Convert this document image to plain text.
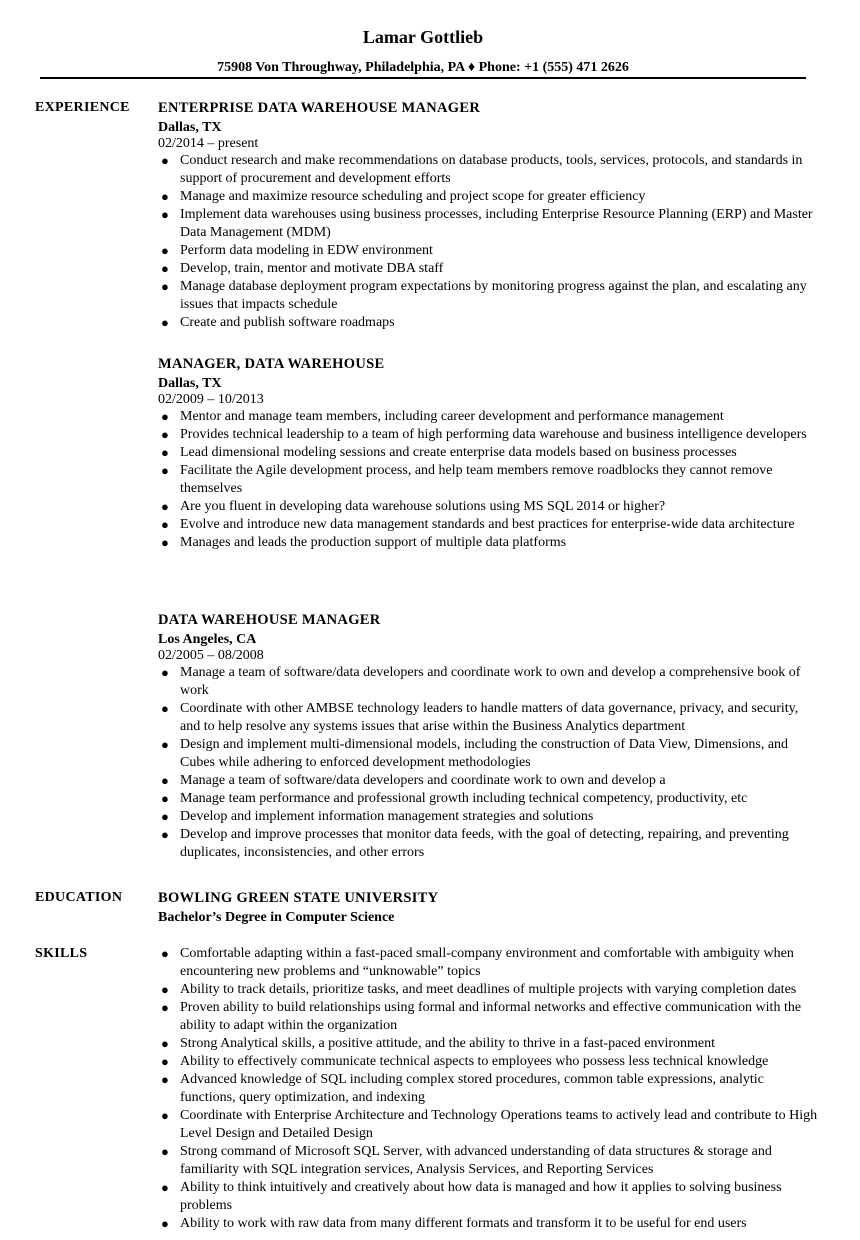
Lamar Gottlieb
75908 Von Throughway, Philadelphia, PA ♦ Phone: +1 (555) 471 2626
EXPERIENCE ENTERPRISE DATA WAREHOUSE MANAGER
Dallas, TX
02/2014 – present
● Conduct research and make recommendations on database products, tools, services, protocols, and standards in support of procurement and development efforts
● Manage and maximize resource scheduling and project scope for greater efficiency
● Implement data warehouses using business processes, including Enterprise Resource Planning (ERP) and Master Data Management (MDM)
● Perform data modeling in EDW environment
● Develop, train, mentor and motivate DBA staff
● Manage database deployment program expectations by monitoring progress against the plan, and escalating any issues that impacts schedule
● Create and publish software roadmaps
MANAGER, DATA WAREHOUSE
Dallas, TX
02/2009 – 10/2013
● Mentor and manage team members, including career development and performance management
● Provides technical leadership to a team of high performing data warehouse and business intelligence developers
● Lead dimensional modeling sessions and create enterprise data models based on business processes
● Facilitate the Agile development process, and help team members remove roadblocks they cannot remove themselves
● Are you fluent in developing data warehouse solutions using MS SQL 2014 or higher?
● Evolve and introduce new data management standards and best practices for enterprise-wide data architecture
● Manages and leads the production support of multiple data platforms
DATA WAREHOUSE MANAGER
Los Angeles, CA
02/2005 – 08/2008
● Manage a team of software/data developers and coordinate work to own and develop a comprehensive book of work
● Coordinate with other AMBSE technology leaders to handle matters of data governance, privacy, and security, and to help resolve any systems issues that arise within the Business Analytics department
● Design and implement multi-dimensional models, including the construction of Data View, Dimensions, and Cubes while adhering to enforced development methodologies
● Manage a team of software/data developers and coordinate work to own and develop a
● Manage team performance and professional growth including technical competency, productivity, etc
● Develop and implement information management strategies and solutions
● Develop and improve processes that monitor data feeds, with the goal of detecting, repairing, and preventing duplicates, inconsistencies, and other errors
EDUCATION BOWLING GREEN STATE UNIVERSITY
Bachelor’s Degree in Computer Science
SKILLS	● Comfortable adapting within a fast-paced small-company environment and comfortable with ambiguity when encountering new problems and “unknowable” topics
● Ability to track details, prioritize tasks, and meet deadlines of multiple projects with varying completion dates
● Proven ability to build relationships using formal and informal networks and effective communication with the ability to adapt within the organization
● Strong Analytical skills, a positive attitude, and the ability to thrive in a fast-paced environment
● Ability to effectively communicate technical aspects to employees who possess less technical knowledge
● Advanced knowledge of SQL including complex stored procedures, common table expressions, analytic functions, query optimization, and indexing
● Coordinate with Enterprise Architecture and Technology Operations teams to actively lead and contribute to High Level Design and Detailed Design
● Strong command of Microsoft SQL Server, with advanced understanding of data structures & storage and familiarity with SQL integration services, Analysis Services, and Reporting Services
● Ability to think intuitively and creatively about how data is managed and how it applies to solving business problems
● Ability to work with raw data from many different formats and transform it to be useful for end users
